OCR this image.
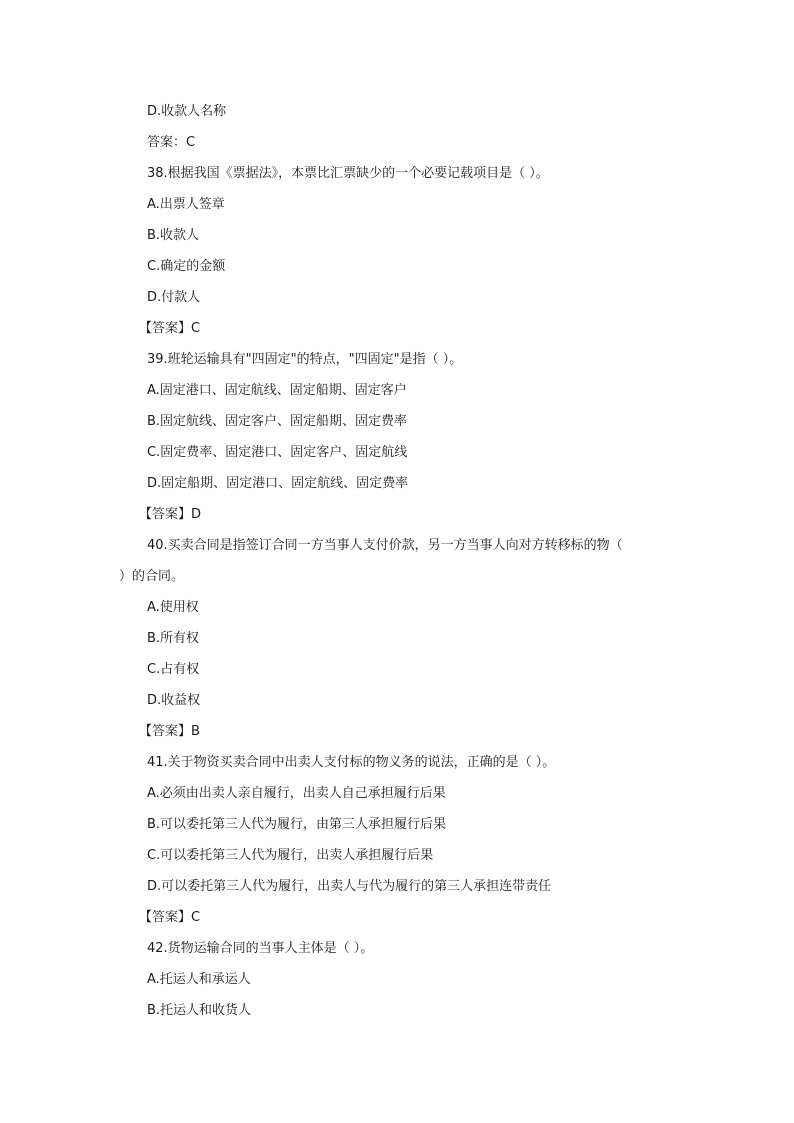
D.收款人名称
答案：C
38.根据我国《票据法》，本票比汇票缺少的一个必要记载项目是（ ）。
A.出票人签章
B.收款人
C.确定的金额
D.付款人
【答案】C
39.班轮运输具有"四固定"的特点，"四固定"是指（ ）。
A.固定港口、固定航线、固定船期、固定客户
B.固定航线、固定客户、固定船期、固定费率
C.固定费率、固定港口、固定客户、固定航线
D.固定船期、固定港口、固定航线、固定费率
【答案】D
40.买卖合同是指签订合同一方当事人支付价款，另一方当事人向对方转移标的物（
）的合同。
A.使用权
B.所有权
C.占有权
D.收益权
【答案】B
41.关于物资买卖合同中出卖人支付标的物义务的说法，正确的是（ ）。
A.必须由出卖人亲自履行，出卖人自己承担履行后果
B.可以委托第三人代为履行，由第三人承担履行后果
C.可以委托第三人代为履行，出卖人承担履行后果
D.可以委托第三人代为履行，出卖人与代为履行的第三人承担连带责任
【答案】C
42.货物运输合同的当事人主体是（ ）。
A.托运人和承运人
B.托运人和收货人
